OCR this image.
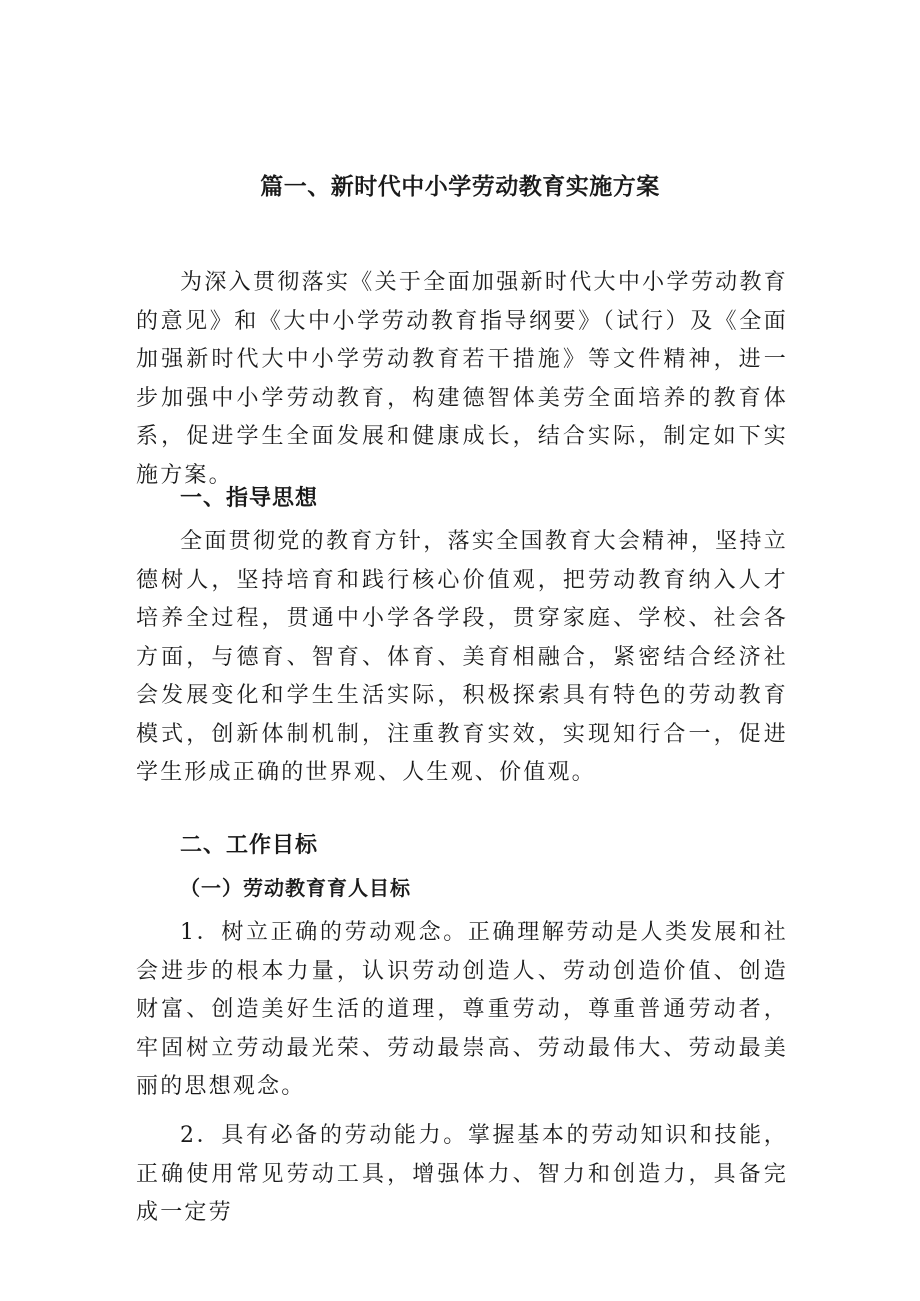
篇一、新时代中小学劳动教育实施方案

为深入贯彻落实《关于全面加强新时代大中小学劳动教育的意见》和《大中小学劳动教育指导纲要》（试行）及《全面加强新时代大中小学劳动教育若干措施》等文件精神，进一步加强中小学劳动教育，构建德智体美劳全面培养的教育体系，促进学生全面发展和健康成长，结合实际，制定如下实施方案。

一、指导思想

全面贯彻党的教育方针，落实全国教育大会精神，坚持立德树人，坚持培育和践行核心价值观，把劳动教育纳入人才培养全过程，贯通中小学各学段，贯穿家庭、学校、社会各方面，与德育、智育、体育、美育相融合，紧密结合经济社会发展变化和学生生活实际，积极探索具有特色的劳动教育模式，创新体制机制，注重教育实效，实现知行合一，促进学生形成正确的世界观、人生观、价值观。

二、工作目标
（一）劳动教育育人目标

1．树立正确的劳动观念。正确理解劳动是人类发展和社会进步的根本力量，认识劳动创造人、劳动创造价值、创造财富、创造美好生活的道理，尊重劳动，尊重普通劳动者，牢固树立劳动最光荣、劳动最崇高、劳动最伟大、劳动最美丽的思想观念。

2．具有必备的劳动能力。掌握基本的劳动知识和技能，正确使用常见劳动工具，增强体力、智力和创造力，具备完成一定劳
